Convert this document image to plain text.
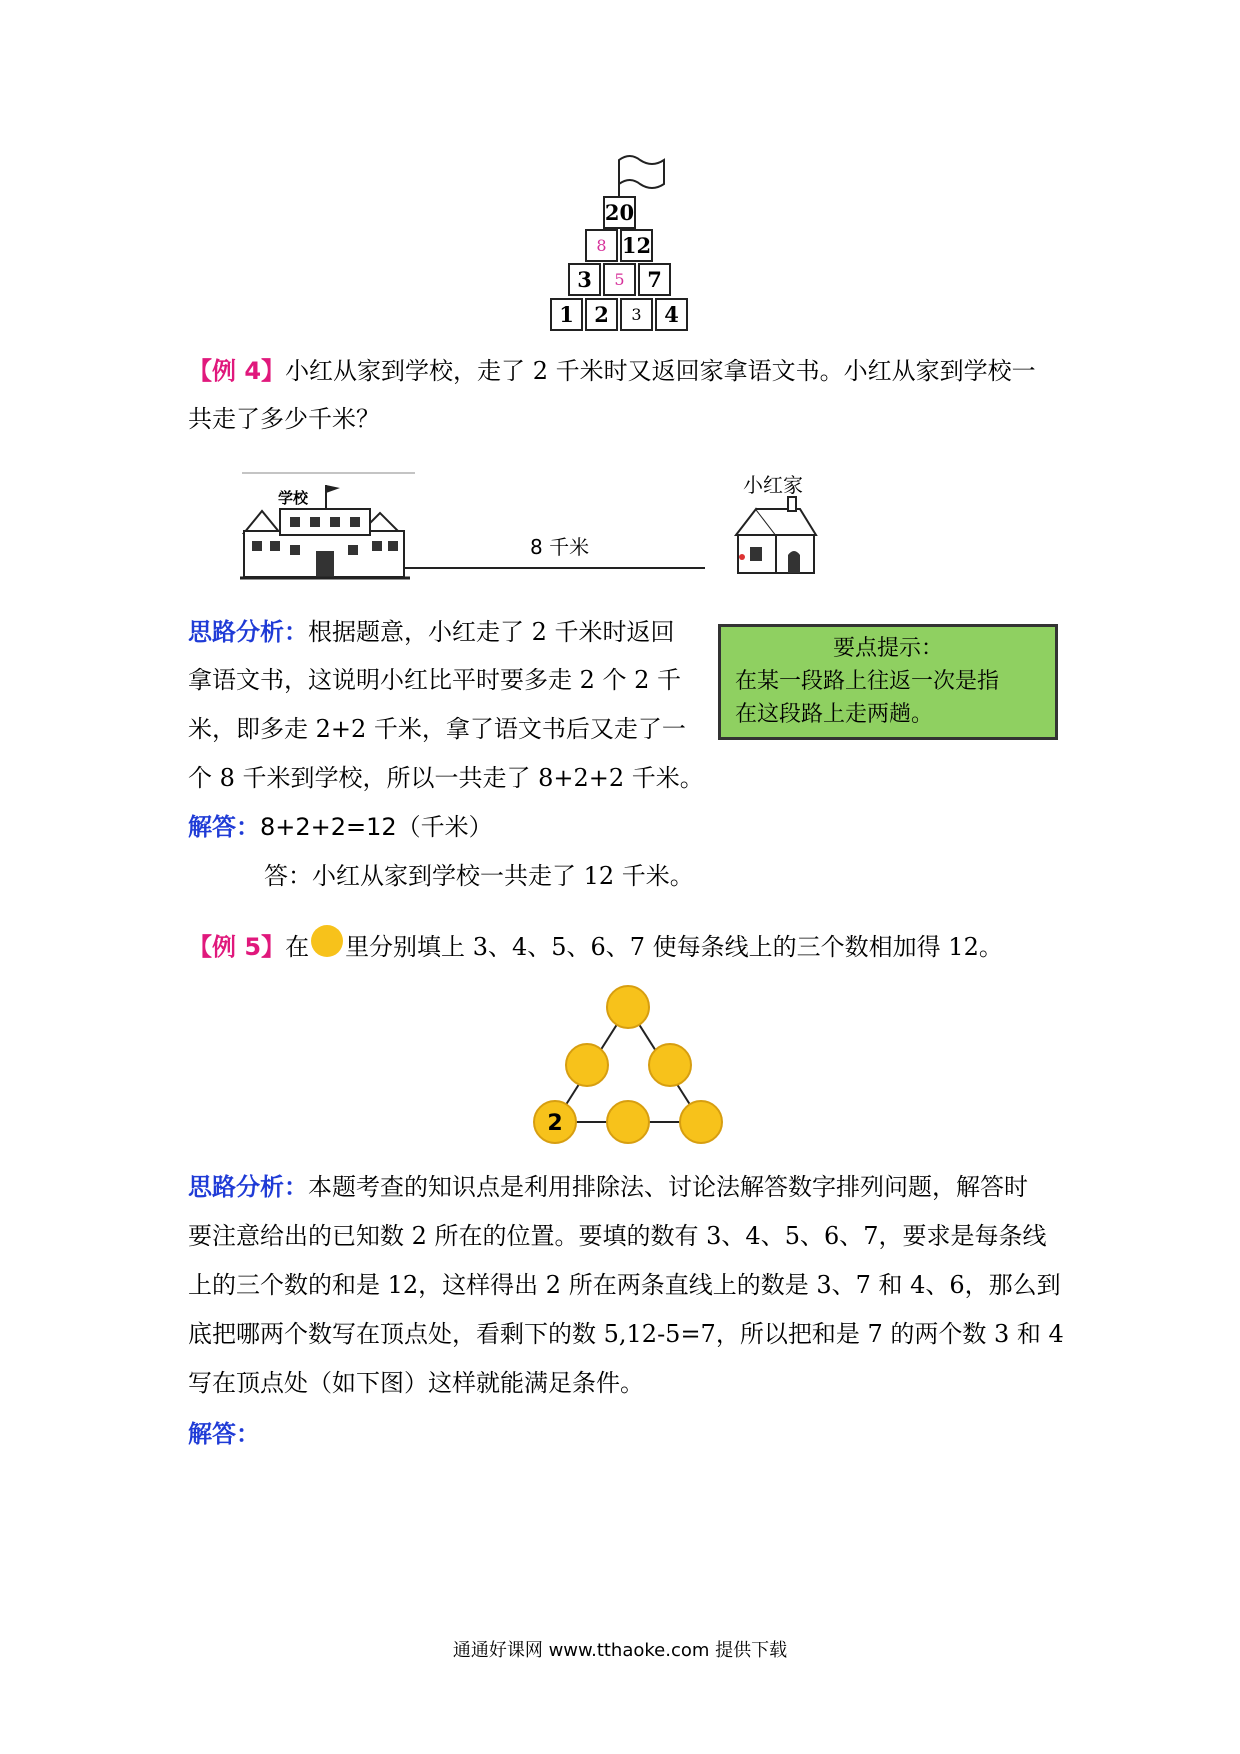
20
8 12
3	5	7
1 2	3	4
【例 4】小红从家到学校，走了 2 千米时又返回家拿语文书。小红从家到学校一
共走了多少千米？
学校
8 千米
小红家
思路分析：根据题意，小红走了 2 千米时返回
拿语文书，这说明小红比平时要多走 2 个 2 千
米，即多走 2+2 千米，拿了语文书后又走了一
个 8 千米到学校，所以一共走了 8+2+2 千米。
要点提示：
在某一段路上往返一次是指
在这段路上走两趟。
解答：8+2+2=12（千米）
答：小红从家到学校一共走了 12 千米。
【例 5】在 里分别填上 3、4、5、6、7 使每条线上的三个数相加得 12。
2
思路分析：本题考查的知识点是利用排除法、讨论法解答数字排列问题，解答时
要注意给出的已知数 2 所在的位置。要填的数有 3、4、5、6、7，要求是每条线
上的三个数的和是 12，这样得出 2 所在两条直线上的数是 3、7 和 4、6，那么到
底把哪两个数写在顶点处，看剩下的数 5,12-5=7，所以把和是 7 的两个数 3 和 4
写在顶点处（如下图）这样就能满足条件。
解答：
通通好课网 www.tthaoke.com 提供下载
